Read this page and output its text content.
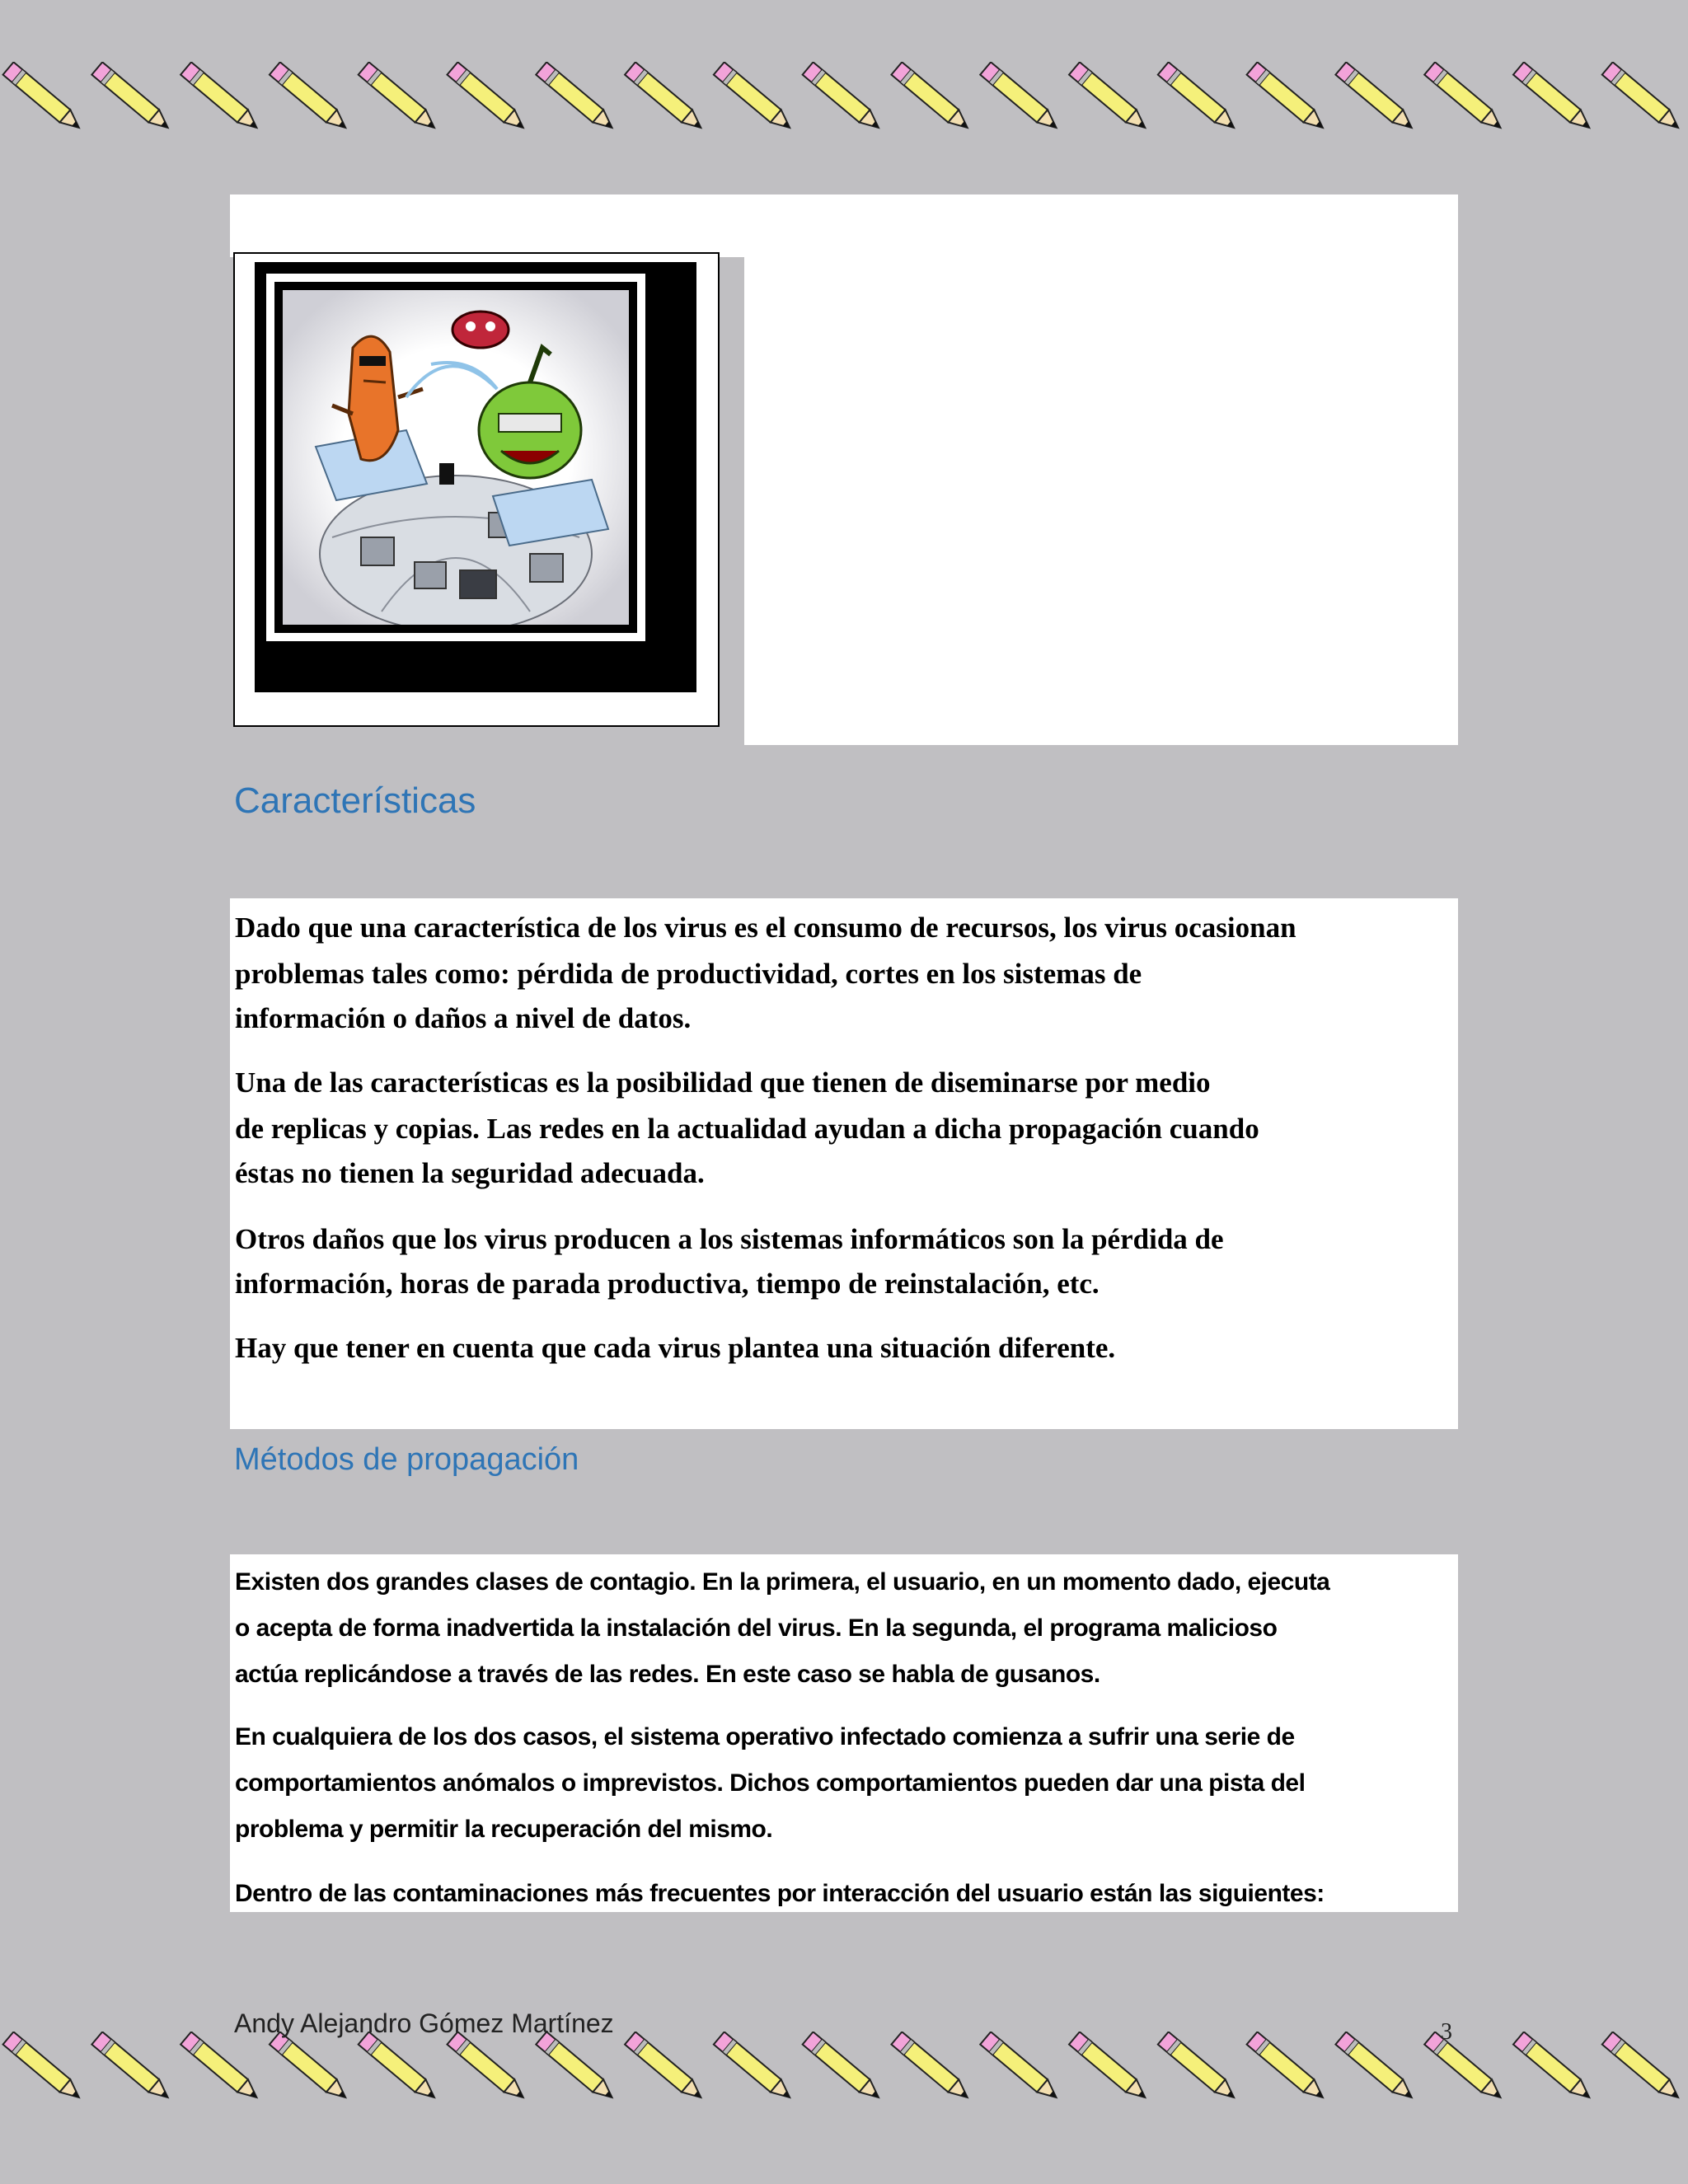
Características

Dado que una característica de los virus es el consumo de recursos, los virus ocasionan

problemas tales como: pérdida de productividad, cortes en los sistemas de

información o daños a nivel de datos.

Una de las características es la posibilidad que tienen de diseminarse por medio

de replicas y copias. Las redes en la actualidad ayudan a dicha propagación cuando

éstas no tienen la seguridad adecuada.

Otros daños que los virus producen a los sistemas informáticos son la pérdida de

información, horas de parada productiva, tiempo de reinstalación, etc.

Hay que tener en cuenta que cada virus plantea una situación diferente.

Métodos de propagación

Existen dos grandes clases de contagio. En la primera, el usuario, en un momento dado, ejecuta

o acepta de forma inadvertida la instalación del virus. En la segunda, el programa malicioso

actúa replicándose a través de las redes. En este caso se habla de gusanos.

En cualquiera de los dos casos, el sistema operativo infectado comienza a sufrir una serie de

comportamientos anómalos o imprevistos. Dichos comportamientos pueden dar una pista del

problema y permitir la recuperación del mismo.

Dentro de las contaminaciones más frecuentes por interacción del usuario están las siguientes:

Andy Alejandro Gómez Martínez	3
